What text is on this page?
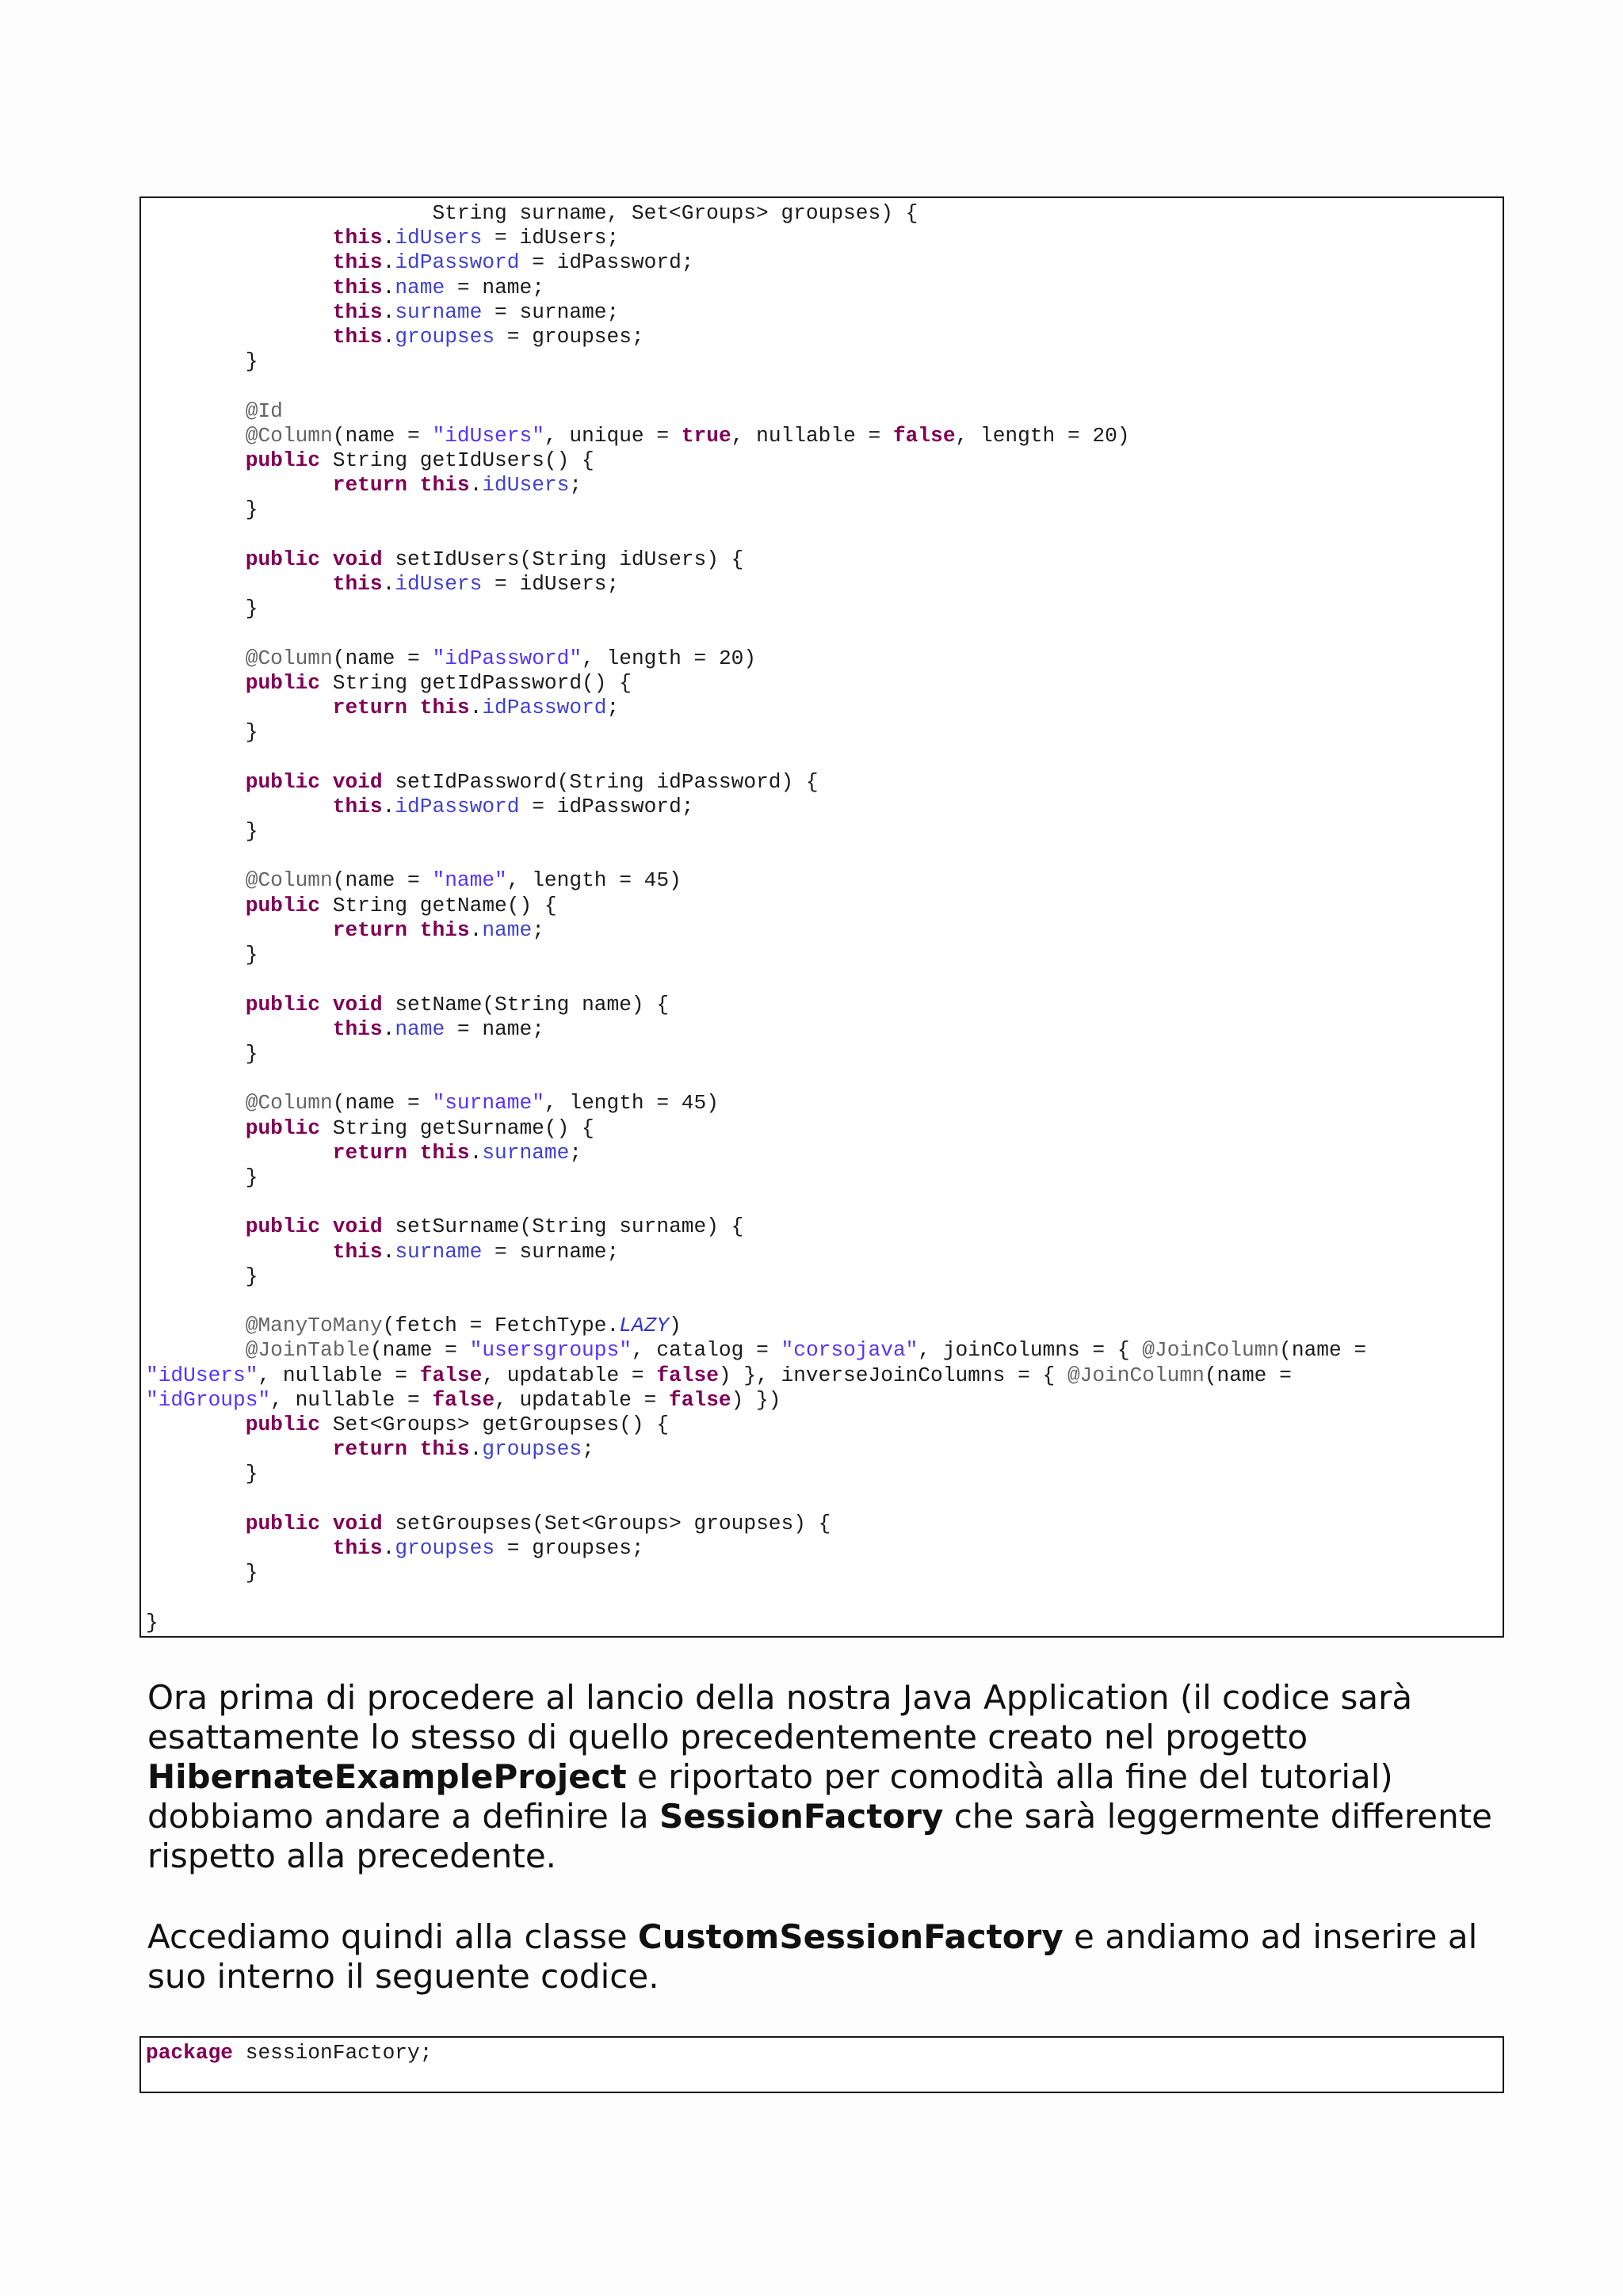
String surname, Set<Groups> groupses) {
this.idUsers = idUsers;
this.idPassword = idPassword;
this.name = name;
this.surname = surname;
this.groupses = groupses;
}

@Id
@Column(name = "idUsers", unique = true, nullable = false, length = 20)
public String getIdUsers() {
return this.idUsers;
}

public void setIdUsers(String idUsers) {
this.idUsers = idUsers;
}

@Column(name = "idPassword", length = 20)
public String getIdPassword() {
return this.idPassword;
}

public void setIdPassword(String idPassword) {
this.idPassword = idPassword;
}

@Column(name = "name", length = 45)
public String getName() {
return this.name;
}

public void setName(String name) {
this.name = name;
}

@Column(name = "surname", length = 45)
public String getSurname() {
return this.surname;
}

public void setSurname(String surname) {
this.surname = surname;
}

@ManyToMany(fetch = FetchType.LAZY)
@JoinTable(name = "usersgroups", catalog = "corsojava", joinColumns = { @JoinColumn(name =
"idUsers", nullable = false, updatable = false) }, inverseJoinColumns = { @JoinColumn(name =
"idGroups", nullable = false, updatable = false) })
public Set<Groups> getGroupses() {
return this.groupses;
}

public void setGroupses(Set<Groups> groupses) {
this.groupses = groupses;
}

}

Ora prima di procedere al lancio della nostra Java Application (il codice sarà esattamente lo stesso di quello precedentemente creato nel progetto HibernateExampleProject e riportato per comodità alla fine del tutorial) dobbiamo andare a definire la SessionFactory che sarà leggermente differente rispetto alla precedente.

Accediamo quindi alla classe CustomSessionFactory e andiamo ad inserire al suo interno il seguente codice.

package sessionFactory;
